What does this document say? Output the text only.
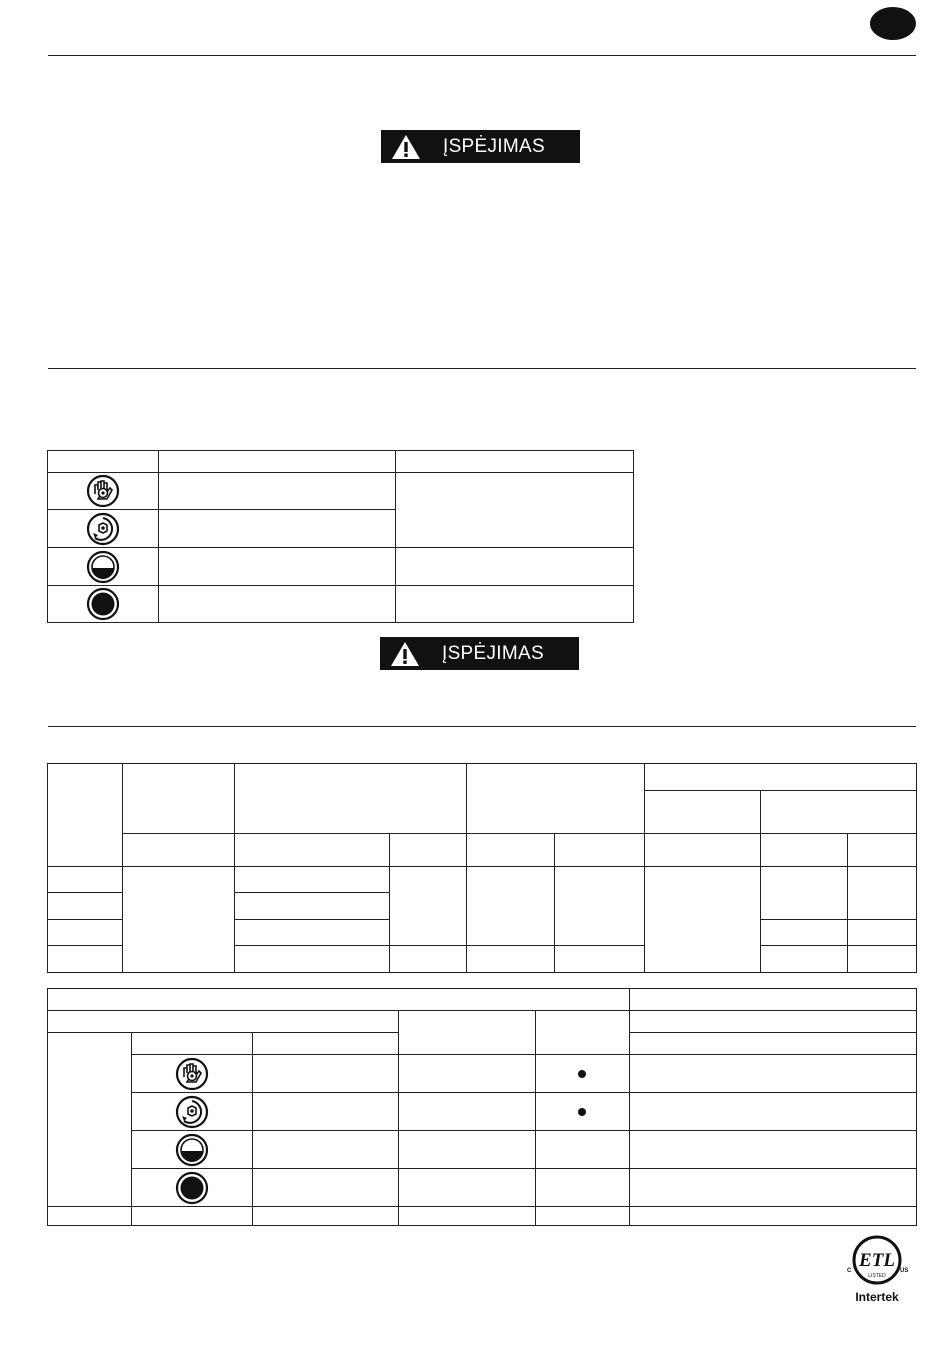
ĮSPĖJIMAS
ĮSPĖJIMAS
ETL
LISTED
C	US
Intertek
